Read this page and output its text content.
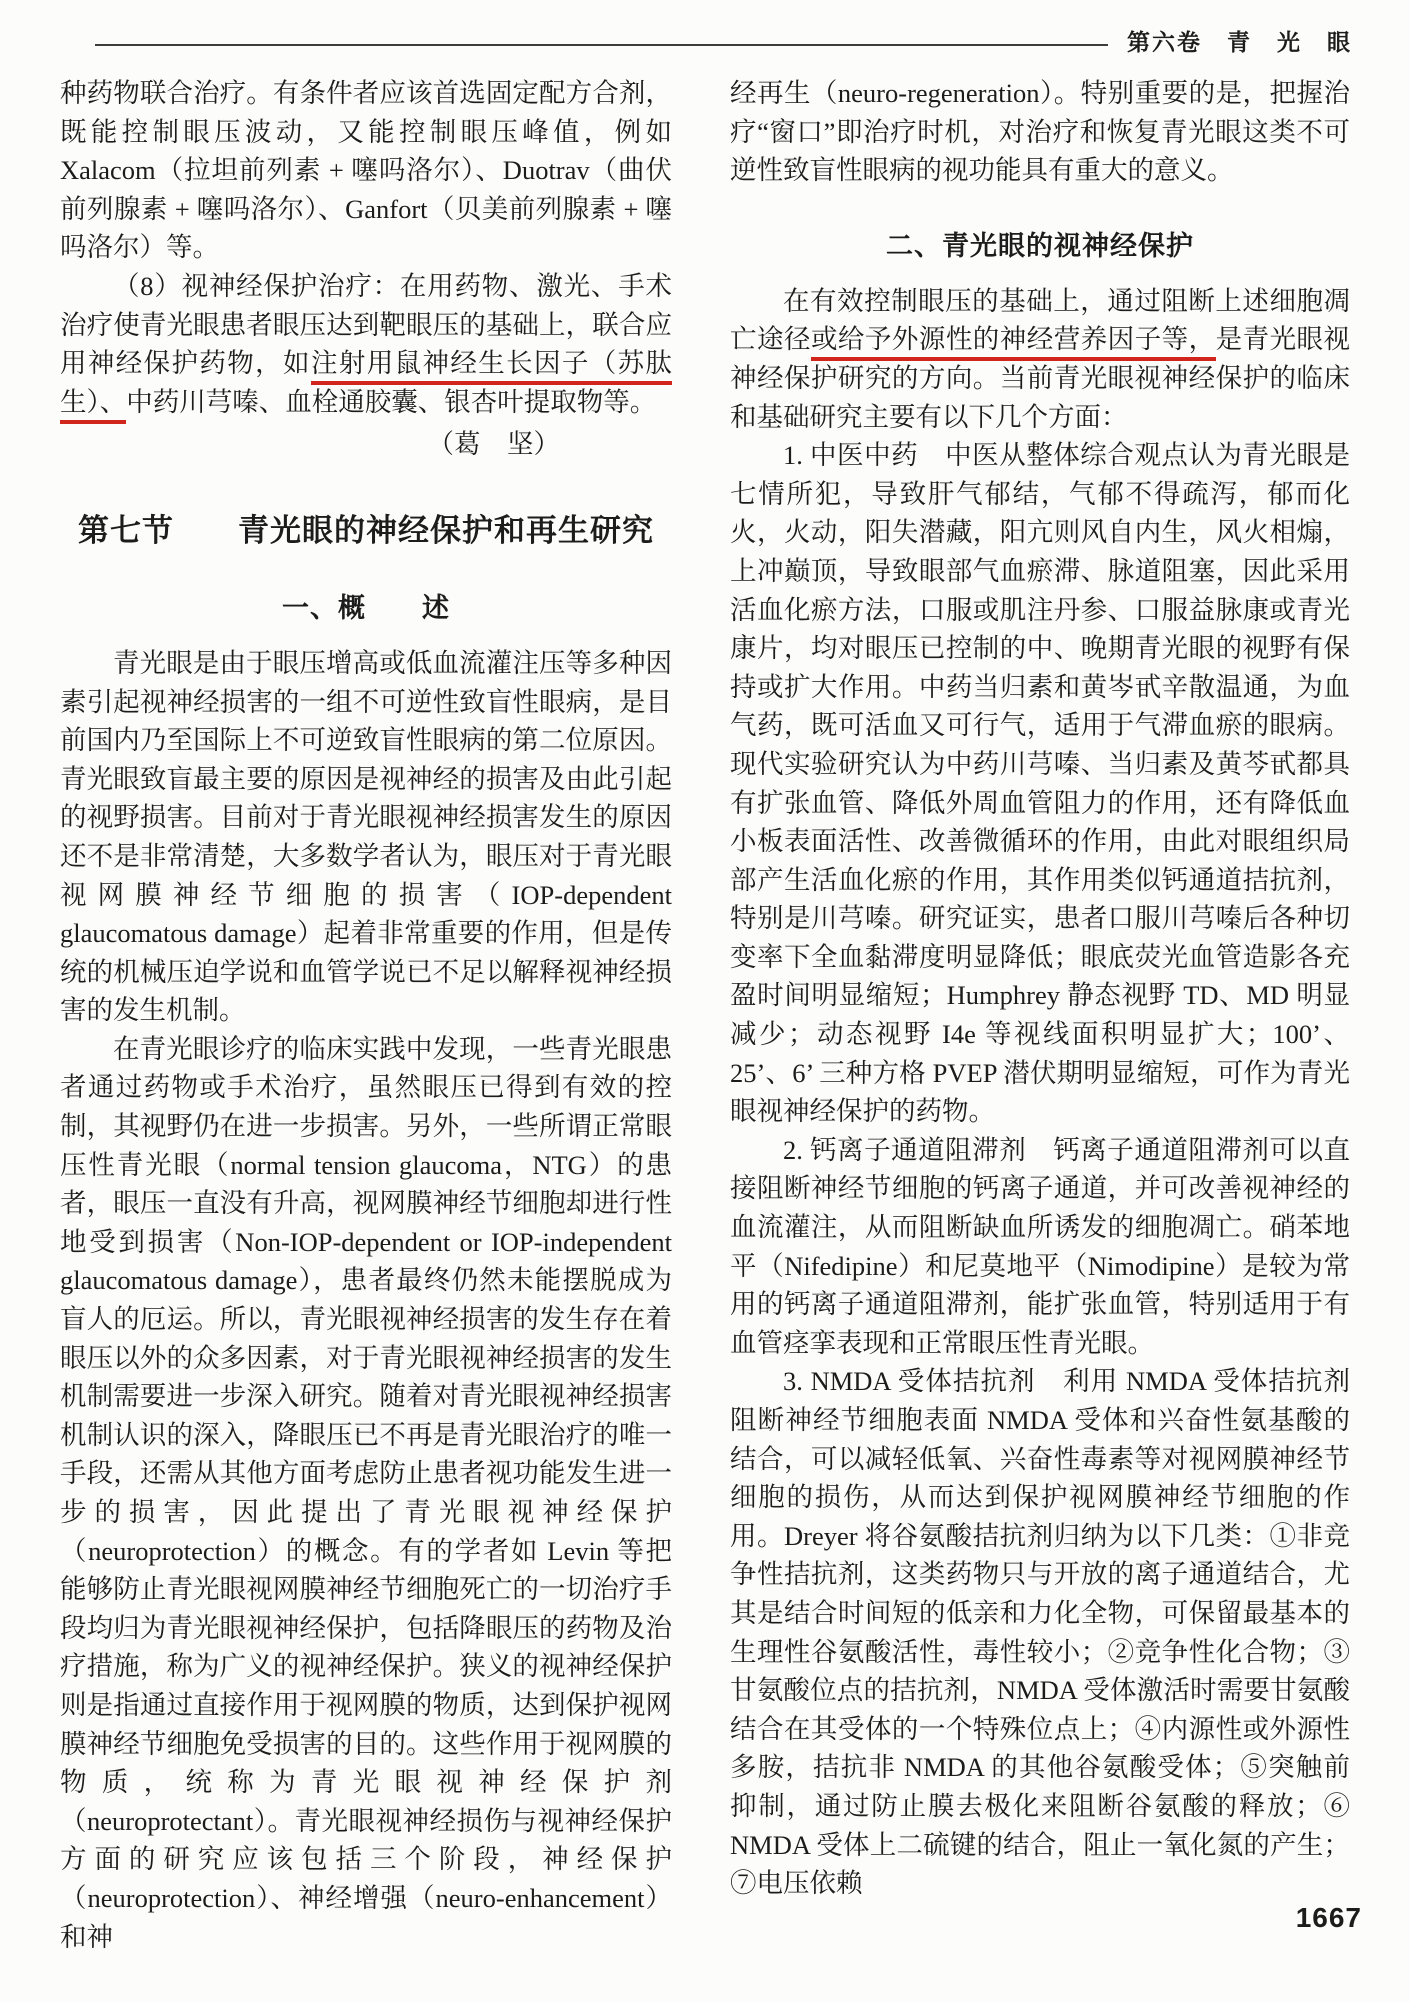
第六卷　青　光　眼

种药物联合治疗。有条件者应该首选固定配方合剂，既能控制眼压波动，又能控制眼压峰值，例如 Xalacom（拉坦前列素 + 噻吗洛尔）、Duotrav（曲伏前列腺素 + 噻吗洛尔）、Ganfort（贝美前列腺素 + 噻吗洛尔）等。

（8）视神经保护治疗：在用药物、激光、手术治疗使青光眼患者眼压达到靶眼压的基础上，联合应用神经保护药物，如注射用鼠神经生长因子（苏肽生）、中药川芎嗪、血栓通胶囊、银杏叶提取物等。

（葛　坚）

第七节　　青光眼的神经保护和再生研究
一、概　　述

青光眼是由于眼压增高或低血流灌注压等多种因素引起视神经损害的一组不可逆性致盲性眼病，是目前国内乃至国际上不可逆致盲性眼病的第二位原因。青光眼致盲最主要的原因是视神经的损害及由此引起的视野损害。目前对于青光眼视神经损害发生的原因还不是非常清楚，大多数学者认为，眼压对于青光眼视网膜神经节细胞的损害（IOP-dependent glaucomatous damage）起着非常重要的作用，但是传统的机械压迫学说和血管学说已不足以解释视神经损害的发生机制。

在青光眼诊疗的临床实践中发现，一些青光眼患者通过药物或手术治疗，虽然眼压已得到有效的控制，其视野仍在进一步损害。另外，一些所谓正常眼压性青光眼（normal tension glaucoma，NTG）的患者，眼压一直没有升高，视网膜神经节细胞却进行性地受到损害（Non-IOP-dependent or IOP-independent glaucomatous damage），患者最终仍然未能摆脱成为盲人的厄运。所以，青光眼视神经损害的发生存在着眼压以外的众多因素，对于青光眼视神经损害的发生机制需要进一步深入研究。随着对青光眼视神经损害机制认识的深入，降眼压已不再是青光眼治疗的唯一手段，还需从其他方面考虑防止患者视功能发生进一步的损害，因此提出了青光眼视神经保护（neuroprotection）的概念。有的学者如 Levin 等把能够防止青光眼视网膜神经节细胞死亡的一切治疗手段均归为青光眼视神经保护，包括降眼压的药物及治疗措施，称为广义的视神经保护。狭义的视神经保护则是指通过直接作用于视网膜的物质，达到保护视网膜神经节细胞免受损害的目的。这些作用于视网膜的物质，统称为青光眼视神经保护剂（neuroprotectant）。青光眼视神经损伤与视神经保护方面的研究应该包括三个阶段，神经保护（neuroprotection）、神经增强（neuro-enhancement）和神

经再生（neuro-regeneration）。特别重要的是，把握治疗“窗口”即治疗时机，对治疗和恢复青光眼这类不可逆性致盲性眼病的视功能具有重大的意义。

二、青光眼的视神经保护

在有效控制眼压的基础上，通过阻断上述细胞凋亡途径或给予外源性的神经营养因子等，是青光眼视神经保护研究的方向。当前青光眼视神经保护的临床和基础研究主要有以下几个方面：

1. 中医中药　中医从整体综合观点认为青光眼是七情所犯，导致肝气郁结，气郁不得疏泻，郁而化火，火动，阳失潜藏，阳亢则风自内生，风火相煽，上冲巅顶，导致眼部气血瘀滞、脉道阻塞，因此采用活血化瘀方法，口服或肌注丹参、口服益脉康或青光康片，均对眼压已控制的中、晚期青光眼的视野有保持或扩大作用。中药当归素和黄岑甙辛散温通，为血气药，既可活血又可行气，适用于气滞血瘀的眼病。现代实验研究认为中药川芎嗪、当归素及黄芩甙都具有扩张血管、降低外周血管阻力的作用，还有降低血小板表面活性、改善微循环的作用，由此对眼组织局部产生活血化瘀的作用，其作用类似钙通道拮抗剂，特别是川芎嗪。研究证实，患者口服川芎嗪后各种切变率下全血黏滞度明显降低；眼底荧光血管造影各充盈时间明显缩短；Humphrey 静态视野 TD、MD 明显减少；动态视野 I4e 等视线面积明显扩大；100’、25’、6’ 三种方格 PVEP 潜伏期明显缩短，可作为青光眼视神经保护的药物。

2. 钙离子通道阻滞剂　钙离子通道阻滞剂可以直接阻断神经节细胞的钙离子通道，并可改善视神经的血流灌注，从而阻断缺血所诱发的细胞凋亡。硝苯地平（Nifedipine）和尼莫地平（Nimodipine）是较为常用的钙离子通道阻滞剂，能扩张血管，特别适用于有血管痉挛表现和正常眼压性青光眼。

3. NMDA 受体拮抗剂　利用 NMDA 受体拮抗剂阻断神经节细胞表面 NMDA 受体和兴奋性氨基酸的结合，可以减轻低氧、兴奋性毒素等对视网膜神经节细胞的损伤，从而达到保护视网膜神经节细胞的作用。Dreyer 将谷氨酸拮抗剂归纳为以下几类：①非竞争性拮抗剂，这类药物只与开放的离子通道结合，尤其是结合时间短的低亲和力化全物，可保留最基本的生理性谷氨酸活性，毒性较小；②竞争性化合物；③甘氨酸位点的拮抗剂，NMDA 受体激活时需要甘氨酸结合在其受体的一个特殊位点上；④内源性或外源性多胺，拮抗非 NMDA 的其他谷氨酸受体；⑤突触前抑制，通过防止膜去极化来阻断谷氨酸的释放；⑥ NMDA 受体上二硫键的结合，阻止一氧化氮的产生；⑦电压依赖

1667
